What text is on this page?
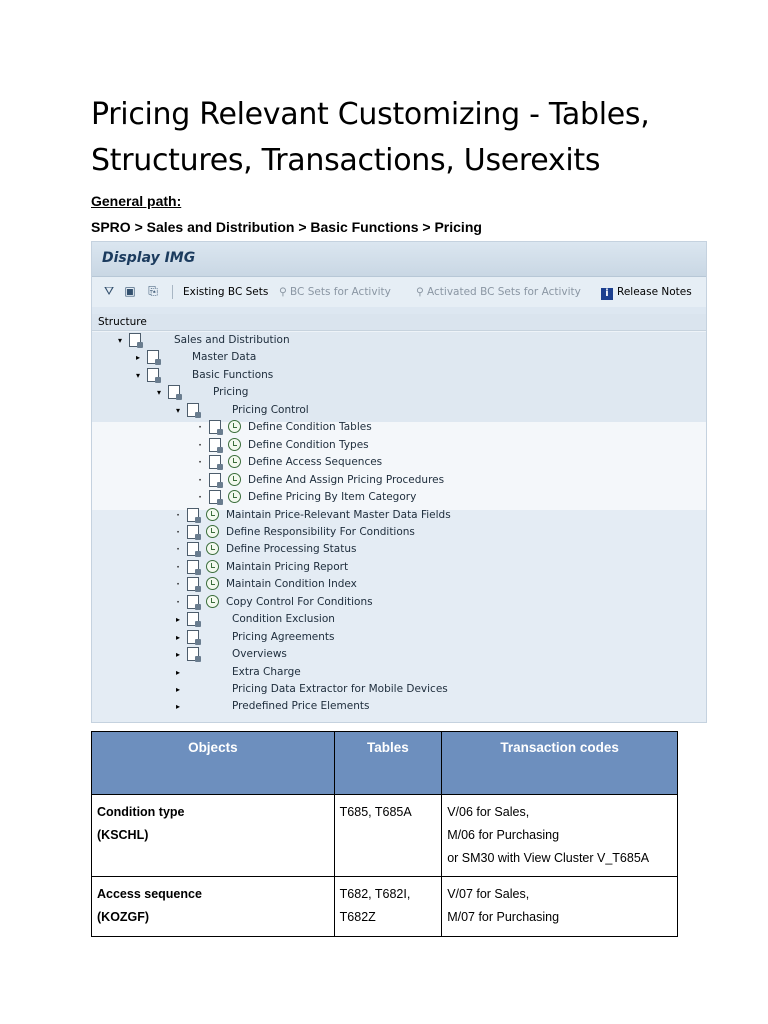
Pricing Relevant Customizing - Tables, Structures, Transactions, Userexits
General path:
SPRO > Sales and Distribution > Basic Functions > Pricing
Display IMG
⛛ ▣ ⎘ Existing BC Sets ⚲ BC Sets for Activity ⚲ Activated BC Sets for Activity	i Release Notes
Structure
▾	Sales and Distribution
▸	Master Data
▾	Basic Functions
▾	Pricing
▾	Pricing Control
·	Define Condition Tables
·	Define Condition Types
·	Define Access Sequences
·	Define And Assign Pricing Procedures
·	Define Pricing By Item Category
·	Maintain Price-Relevant Master Data Fields
·	Define Responsibility For Conditions
·	Define Processing Status
·	Maintain Pricing Report
·	Maintain Condition Index
·	Copy Control For Conditions
▸	Condition Exclusion
▸	Pricing Agreements
▸	Overviews
▸	Extra Charge
▸	Pricing Data Extractor for Mobile Devices
▸	Predefined Price Elements
Objects	Tables	Transaction codes

Condition type
(KSCHL)	T685, T685A	V/06 for Sales,
M/06 for Purchasing
or SM30 with View Cluster V_T685A

Access sequence
(KOZGF)	T682, T682I,
T682Z	V/07 for Sales,
M/07 for Purchasing
